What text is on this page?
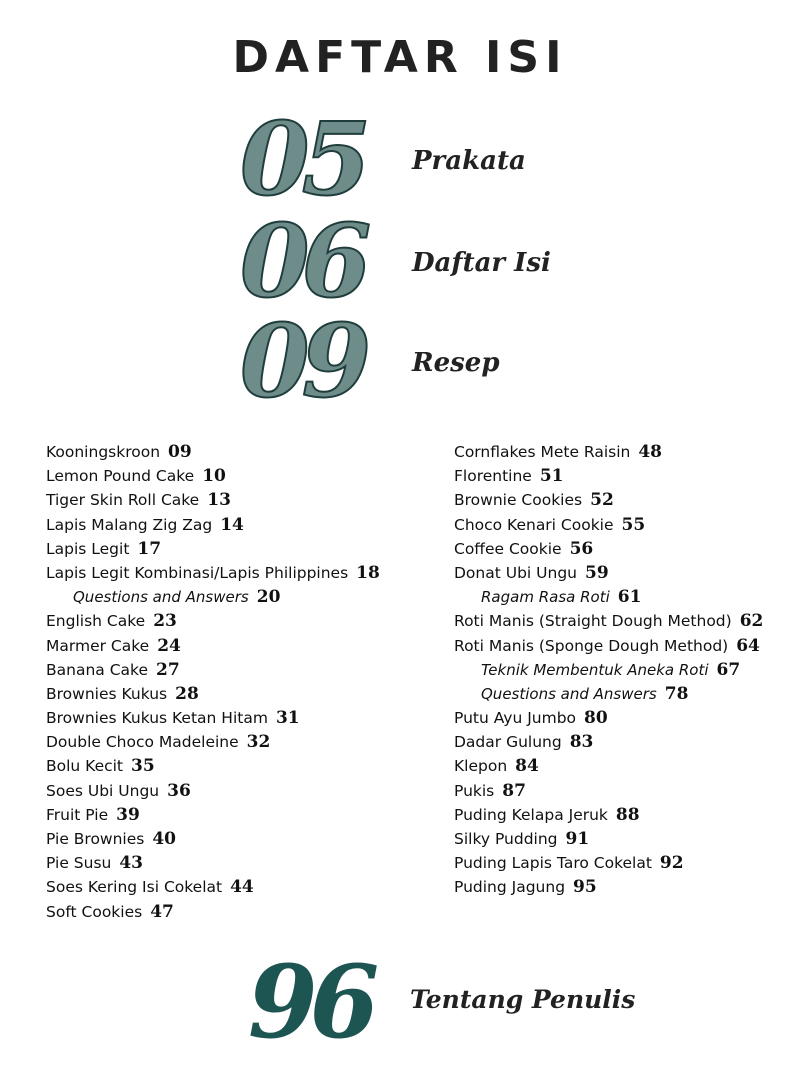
DAFTAR ISI
05 Prakata
06 Daftar Isi
09 Resep
Kooningskroon 09
Lemon Pound Cake 10
Tiger Skin Roll Cake 13
Lapis Malang Zig Zag 14
Lapis Legit 17
Lapis Legit Kombinasi/Lapis Philippines 18
Questions and Answers 20
English Cake 23
Marmer Cake 24
Banana Cake 27
Brownies Kukus 28
Brownies Kukus Ketan Hitam 31
Double Choco Madeleine 32
Bolu Kecit 35
Soes Ubi Ungu 36
Fruit Pie 39
Pie Brownies 40
Pie Susu 43
Soes Kering Isi Cokelat 44
Soft Cookies 47
Cornflakes Mete Raisin 48
Florentine 51
Brownie Cookies 52
Choco Kenari Cookie 55
Coffee Cookie 56
Donat Ubi Ungu 59
Ragam Rasa Roti 61
Roti Manis (Straight Dough Method) 62
Roti Manis (Sponge Dough Method) 64
Teknik Membentuk Aneka Roti 67
Questions and Answers 78
Putu Ayu Jumbo 80
Dadar Gulung 83
Klepon 84
Pukis 87
Puding Kelapa Jeruk 88
Silky Pudding 91
Puding Lapis Taro Cokelat 92
Puding Jagung 95
96 Tentang Penulis
